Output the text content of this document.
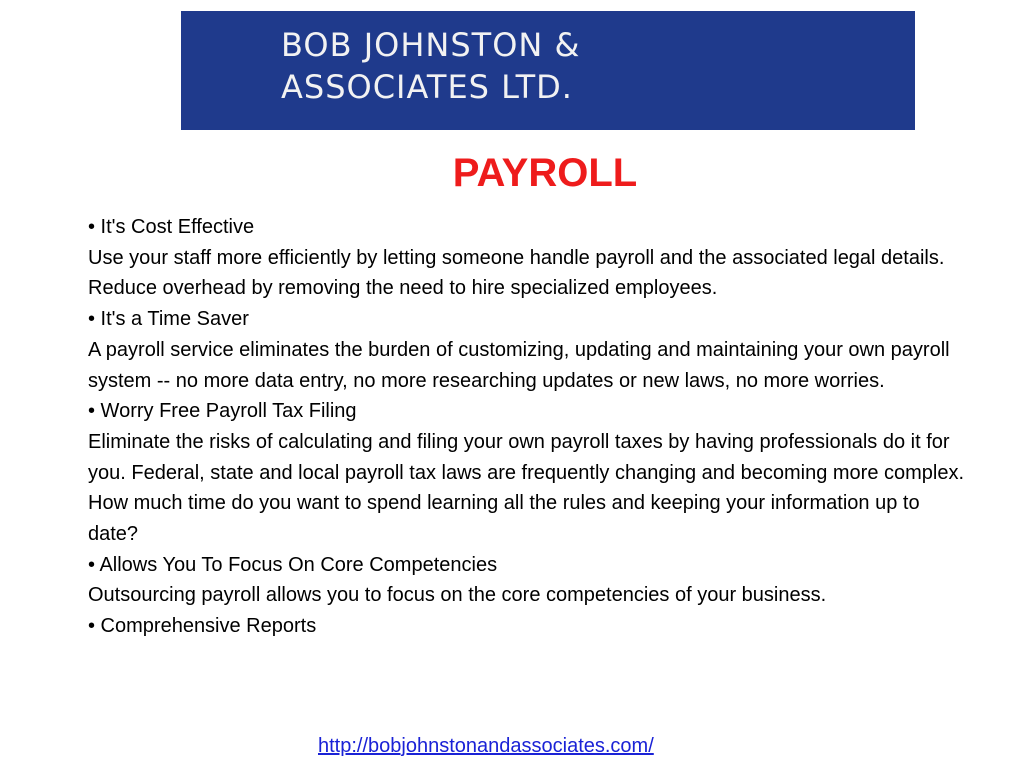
BOB JOHNSTON &
ASSOCIATES LTD.
PAYROLL

• It's Cost Effective

Use your staff more efficiently by letting someone handle payroll and the associated legal details. Reduce overhead by removing the need to hire specialized employees.

• It's a Time Saver

A payroll service eliminates the burden of customizing, updating and maintaining your own payroll system -- no more data entry, no more researching updates or new laws, no more worries.

• Worry Free Payroll Tax Filing

Eliminate the risks of calculating and filing your own payroll taxes by having professionals do it for you. Federal, state and local payroll tax laws are frequently changing and becoming more complex. How much time do you want to spend learning all the rules and keeping your information up to date?

• Allows You To Focus On Core Competencies

Outsourcing payroll allows you to focus on the core competencies of your business.

• Comprehensive Reports

http://bobjohnstonandassociates.com/
